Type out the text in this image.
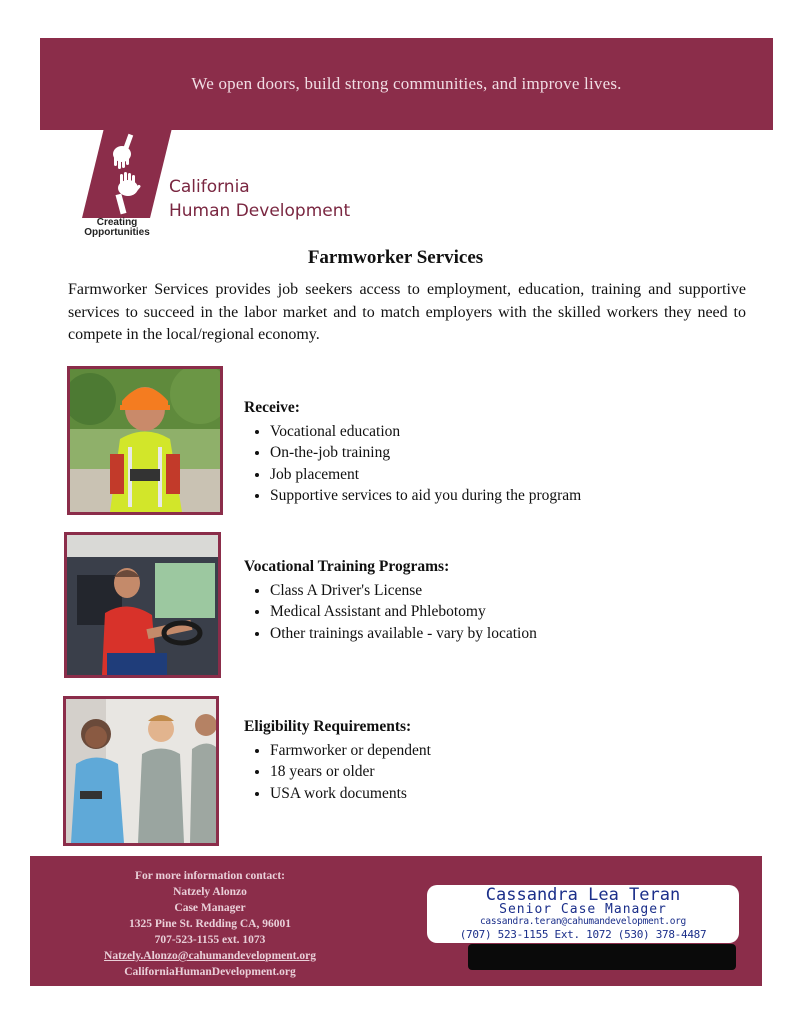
We open doors, build strong communities, and improve lives.
California
Human Development
Creating
Opportunities
Farmworker Services
Farmworker Services provides job seekers access to employment, education, training and supportive services to succeed in the labor market and to match employers with the skilled workers they need to compete in the local/regional economy.
Receive:
• Vocational education
• On-the-job training
• Job placement
• Supportive services to aid you during the program
Vocational Training Programs:
• Class A Driver's License
• Medical Assistant and Phlebotomy
• Other trainings available - vary by location
Eligibility Requirements:
• Farmworker or dependent
• 18 years or older
• USA work documents
For more information contact:
Natzely Alonzo
Case Manager
1325 Pine St. Redding CA, 96001
707-523-1155 ext. 1073
Natzely.Alonzo@cahumandevelopment.org
CaliforniaHumanDevelopment.org
Cassandra Lea Teran
Senior Case Manager
cassandra.teran@cahumandevelopment.org
(707) 523-1155 Ext. 1072 (530) 378-4487
